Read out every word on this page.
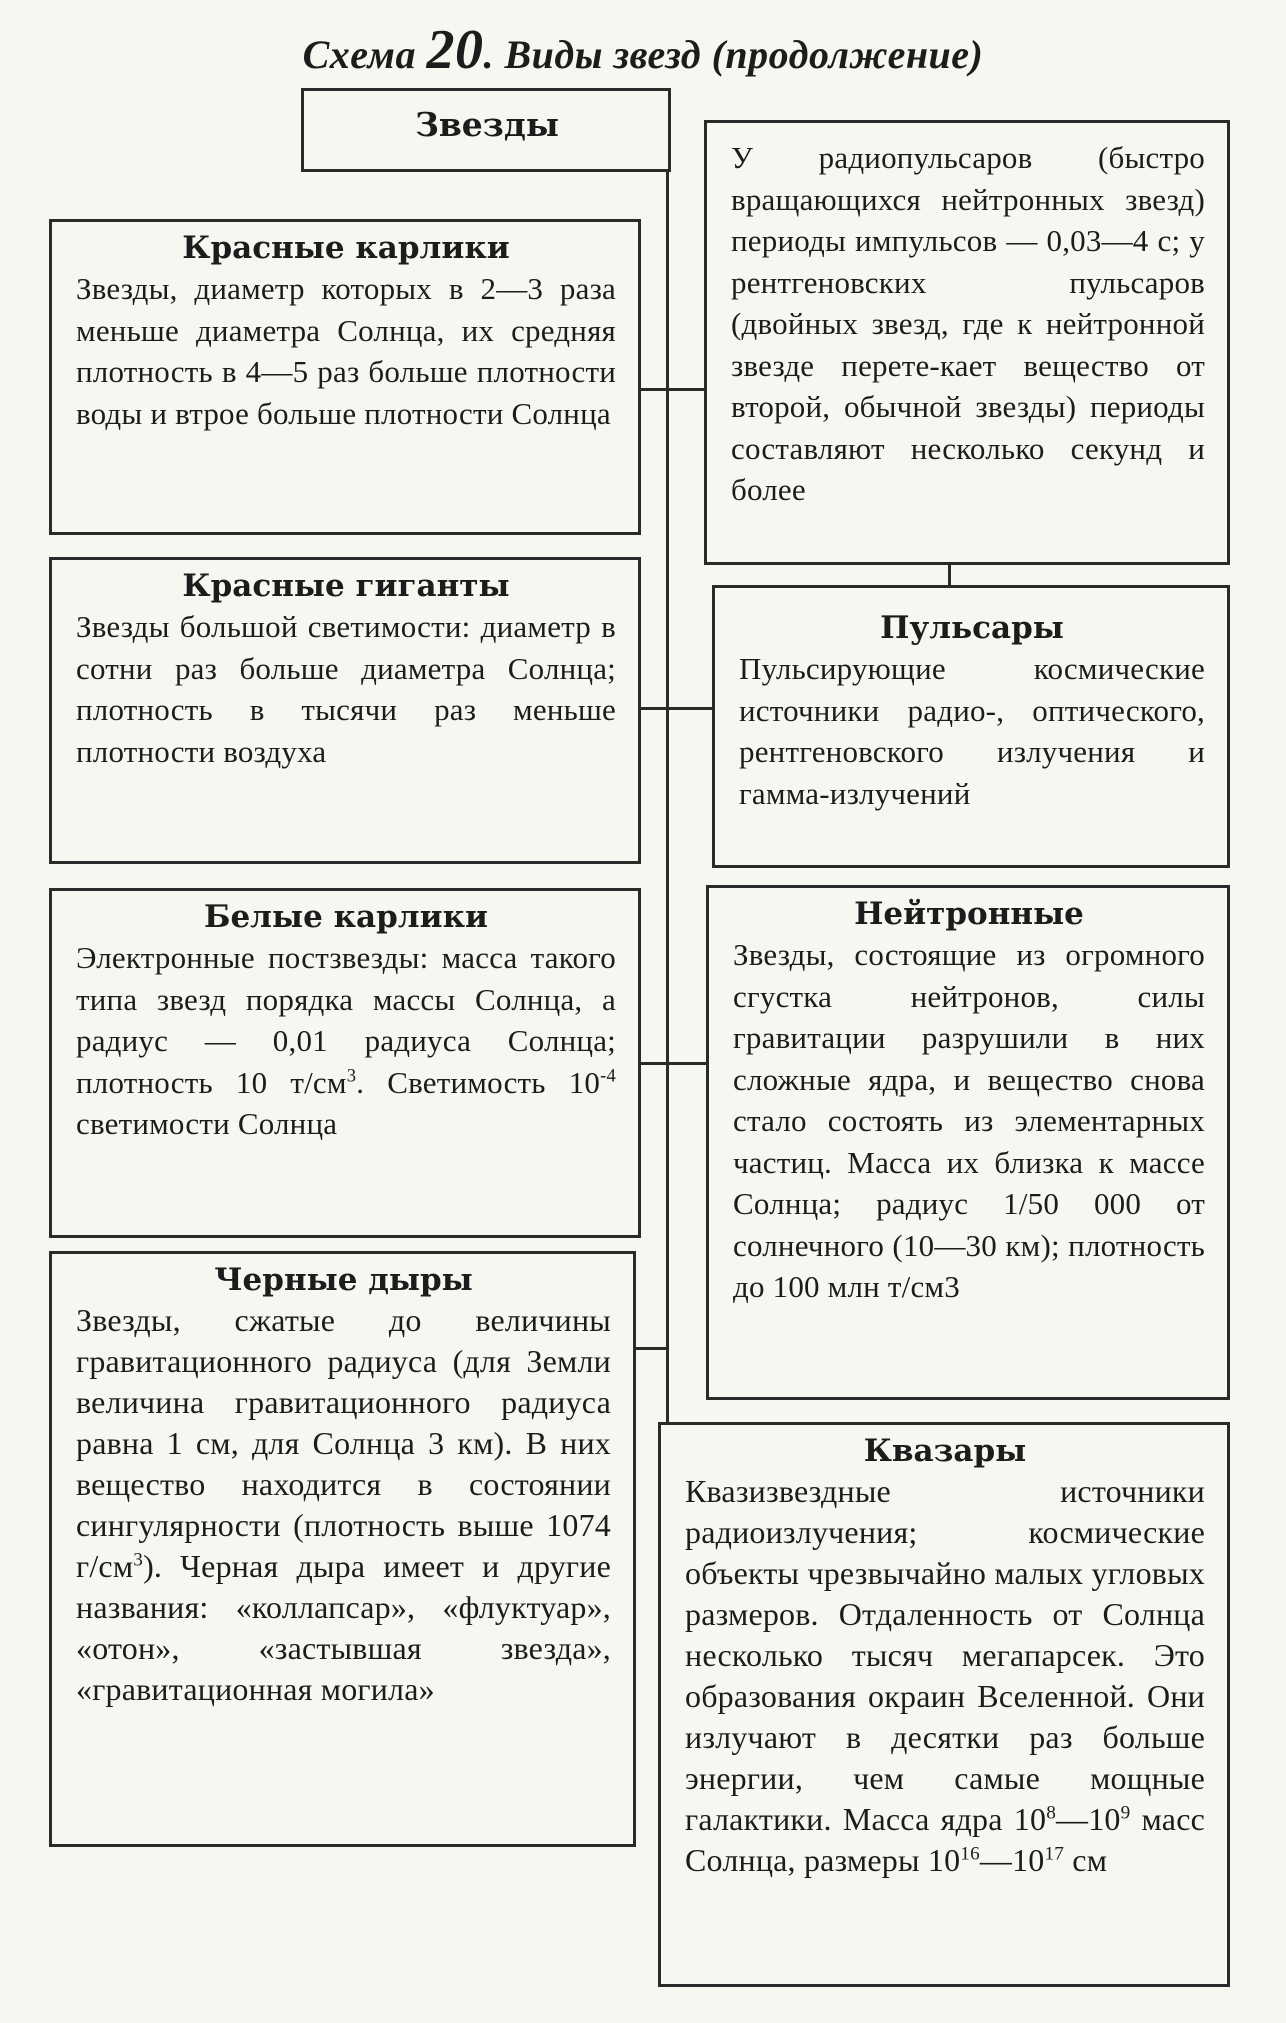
Схема 20. Виды звезд (продолжение)
Звезды
Красные карлики
Звезды, диаметр которых в 2—3 раза меньше диаметра Солнца, их средняя плотность в 4—5 раз больше плотности воды и втрое больше плотности Солнца
Красные гиганты
Звезды большой светимости: диаметр в сотни раз больше диаметра Солнца; плотность в тысячи раз меньше плотности воздуха
Белые карлики
Электронные постзвезды: масса такого типа звезд порядка массы Солнца, а радиус — 0,01 радиуса Солнца; плотность 10 $т/см^3$. Светимость $10^{-4}$ светимости Солнца
Черные дыры
Звезды, сжатые до величины гравитационного радиуса (для Земли величина гравитационного радиуса равна 1 см, для Солнца 3 км). В них вещество находится в состоянии сингулярности (плотность выше 1074 $г/см^3$). Черная дыра имеет и другие названия: «коллапсар», «флуктуар», «отон», «застывшая звезда», «гравитационная могила»
У радиопульсаров (быстро вращающихся нейтронных звезд) периоды импульсов — 0,03—4 с; у рентгеновских пульсаров (двойных звезд, где к нейтронной звезде перете-кает вещество от второй, обычной звезды) периоды составляют несколько секунд и более
Пульсары
Пульсирующие космические источники радио-, оптического, рентгеновского излучения и гамма-излучений
Нейтронные
Звезды, состоящие из огромного сгустка нейтронов, силы гравитации разрушили в них сложные ядра, и вещество снова стало состоять из элементарных частиц. Масса их близка к массе Солнца; радиус 1/50 000 от солнечного (10—30 км); плотность до 100 млн т/см3
Квазары
Квазизвездные источники радиоизлучения; космические объекты чрезвычайно малых угловых размеров. Отдаленность от Солнца несколько тысяч мегапарсек. Это образования окраин Вселенной. Они излучают в десятки раз больше энергии, чем самые мощные галактики. Масса ядра $10^8—10^9$ масс Солнца, размеры $10^{16}—10^{17}$ см
